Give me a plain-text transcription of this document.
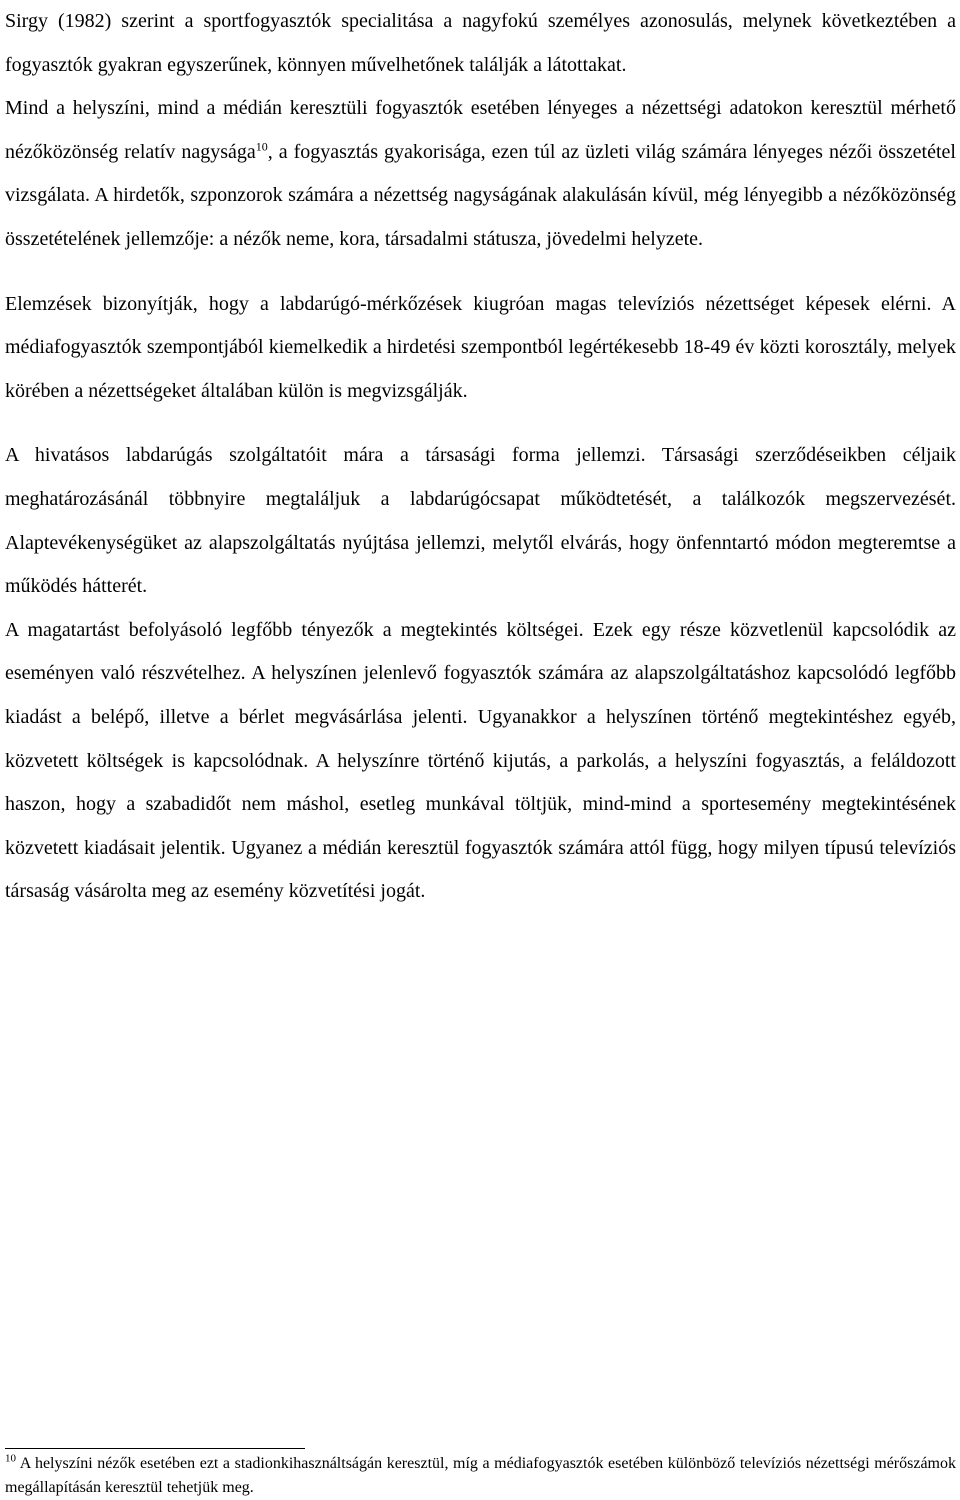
Sirgy (1982) szerint a sportfogyasztók specialitása a nagyfokú személyes azonosulás, melynek következtében a fogyasztók gyakran egyszerűnek, könnyen művelhetőnek találják a látottakat.

Mind a helyszíni, mind a médián keresztüli fogyasztók esetében lényeges a nézettségi adatokon keresztül mérhető nézőközönség relatív nagysága$^{10}$, a fogyasztás gyakorisága, ezen túl az üzleti világ számára lényeges nézői összetétel vizsgálata. A hirdetők, szponzorok számára a nézettség nagyságának alakulásán kívül, még lényegibb a nézőközönség összetételének jellemzője: a nézők neme, kora, társadalmi státusza, jövedelmi helyzete.

Elemzések bizonyítják, hogy a labdarúgó-mérkőzések kiugróan magas televíziós nézettséget képesek elérni. A médiafogyasztók szempontjából kiemelkedik a hirdetési szempontból legértékesebb 18-49 év közti korosztály, melyek körében a nézettségeket általában külön is megvizsgálják.

A hivatásos labdarúgás szolgáltatóit mára a társasági forma jellemzi. Társasági szerződéseikben céljaik meghatározásánál többnyire megtaláljuk a labdarúgócsapat működtetését, a találkozók megszervezését. Alaptevékenységüket az alapszolgáltatás nyújtása jellemzi, melytől elvárás, hogy önfenntartó módon megteremtse a működés hátterét.

A magatartást befolyásoló legfőbb tényezők a megtekintés költségei. Ezek egy része közvetlenül kapcsolódik az eseményen való részvételhez. A helyszínen jelenlevő fogyasztók számára az alapszolgáltatáshoz kapcsolódó legfőbb kiadást a belépő, illetve a bérlet megvásárlása jelenti. Ugyanakkor a helyszínen történő megtekintéshez egyéb, közvetett költségek is kapcsolódnak. A helyszínre történő kijutás, a parkolás, a helyszíni fogyasztás, a feláldozott haszon, hogy a szabadidőt nem máshol, esetleg munkával töltjük, mind-mind a sportesemény megtekintésének közvetett kiadásait jelentik. Ugyanez a médián keresztül fogyasztók számára attól függ, hogy milyen típusú televíziós társaság vásárolta meg az esemény közvetítési jogát.

$^{10}$ A helyszíni nézők esetében ezt a stadionkihasználtságán keresztül, míg a médiafogyasztók esetében különböző televíziós nézettségi mérőszámok megállapításán keresztül tehetjük meg.
